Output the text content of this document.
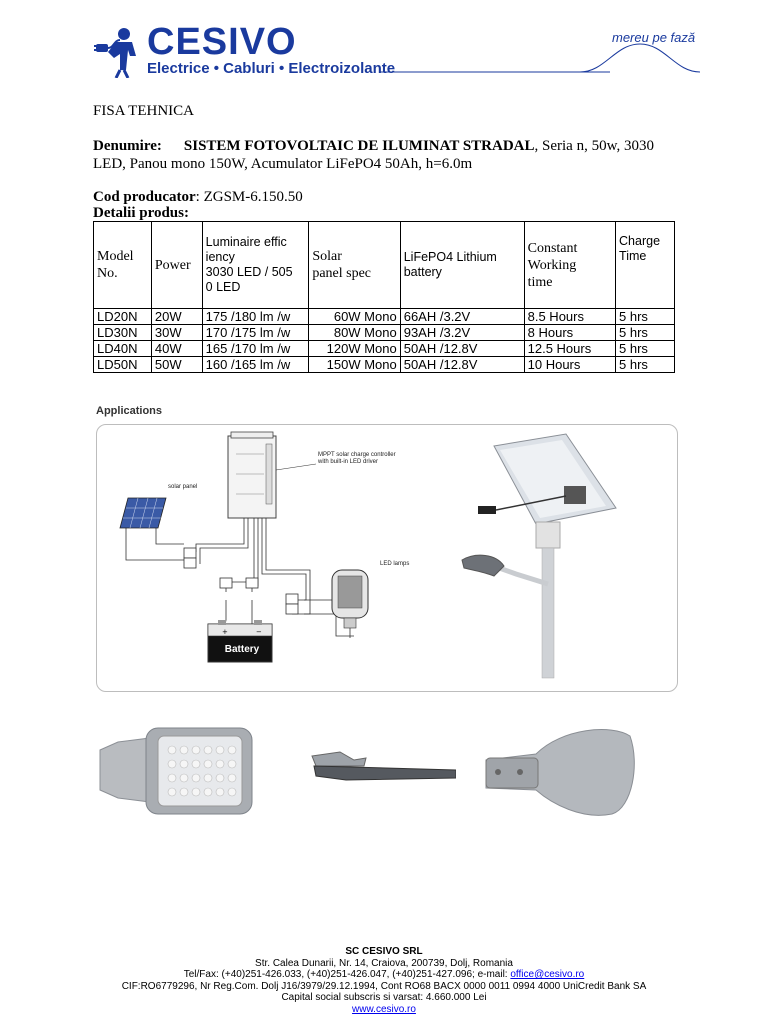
CESIVO
Electrice • Cabluri • Electroizolante
mereu pe fază
FISA TEHNICA
Denumire: SISTEM FOTOVOLTAIC DE ILUMINAT STRADAL, Seria n, 50w, 3030
LED, Panou mono 150W, Acumulator LiFePO4 50Ah, h=6.0m
Cod producator: ZGSM-6.150.50
Detalii produs:
Model
No.	Power	Luminaire effic
iency
3030 LED / 505
0 LED	Solar
panel spec	LiFePO4 Lithium
battery	Constant
Working
time	Charge
Time
LD20N	20W	175 /180 lm /w	60W Mono	66AH /3.2V	8.5 Hours	5 hrs
LD30N	30W	170 /175 lm /w	80W Mono	93AH /3.2V	8 Hours	5 hrs
LD40N	40W	165 /170 lm /w	120W Mono	50AH /12.8V	12.5 Hours	5 hrs
LD50N	50W	160 /165 lm /w	150W Mono	50AH /12.8V	10 Hours	5 hrs
Applications
+	−
MPPT solar charge controller
with built-in LED driver
solar panel
LED lamps
Battery
SC CESIVO SRL
Str. Calea Dunarii, Nr. 14, Craiova, 200739, Dolj, Romania
Tel/Fax: (+40)251-426.033, (+40)251-426.047, (+40)251-427.096; e-mail: office@cesivo.ro
CIF:RO6779296, Nr Reg.Com. Dolj J16/3979/29.12.1994, Cont RO68 BACX 0000 0011 0994 4000 UniCredit Bank SA
Capital social subscris si varsat: 4.660.000 Lei
www.cesivo.ro
